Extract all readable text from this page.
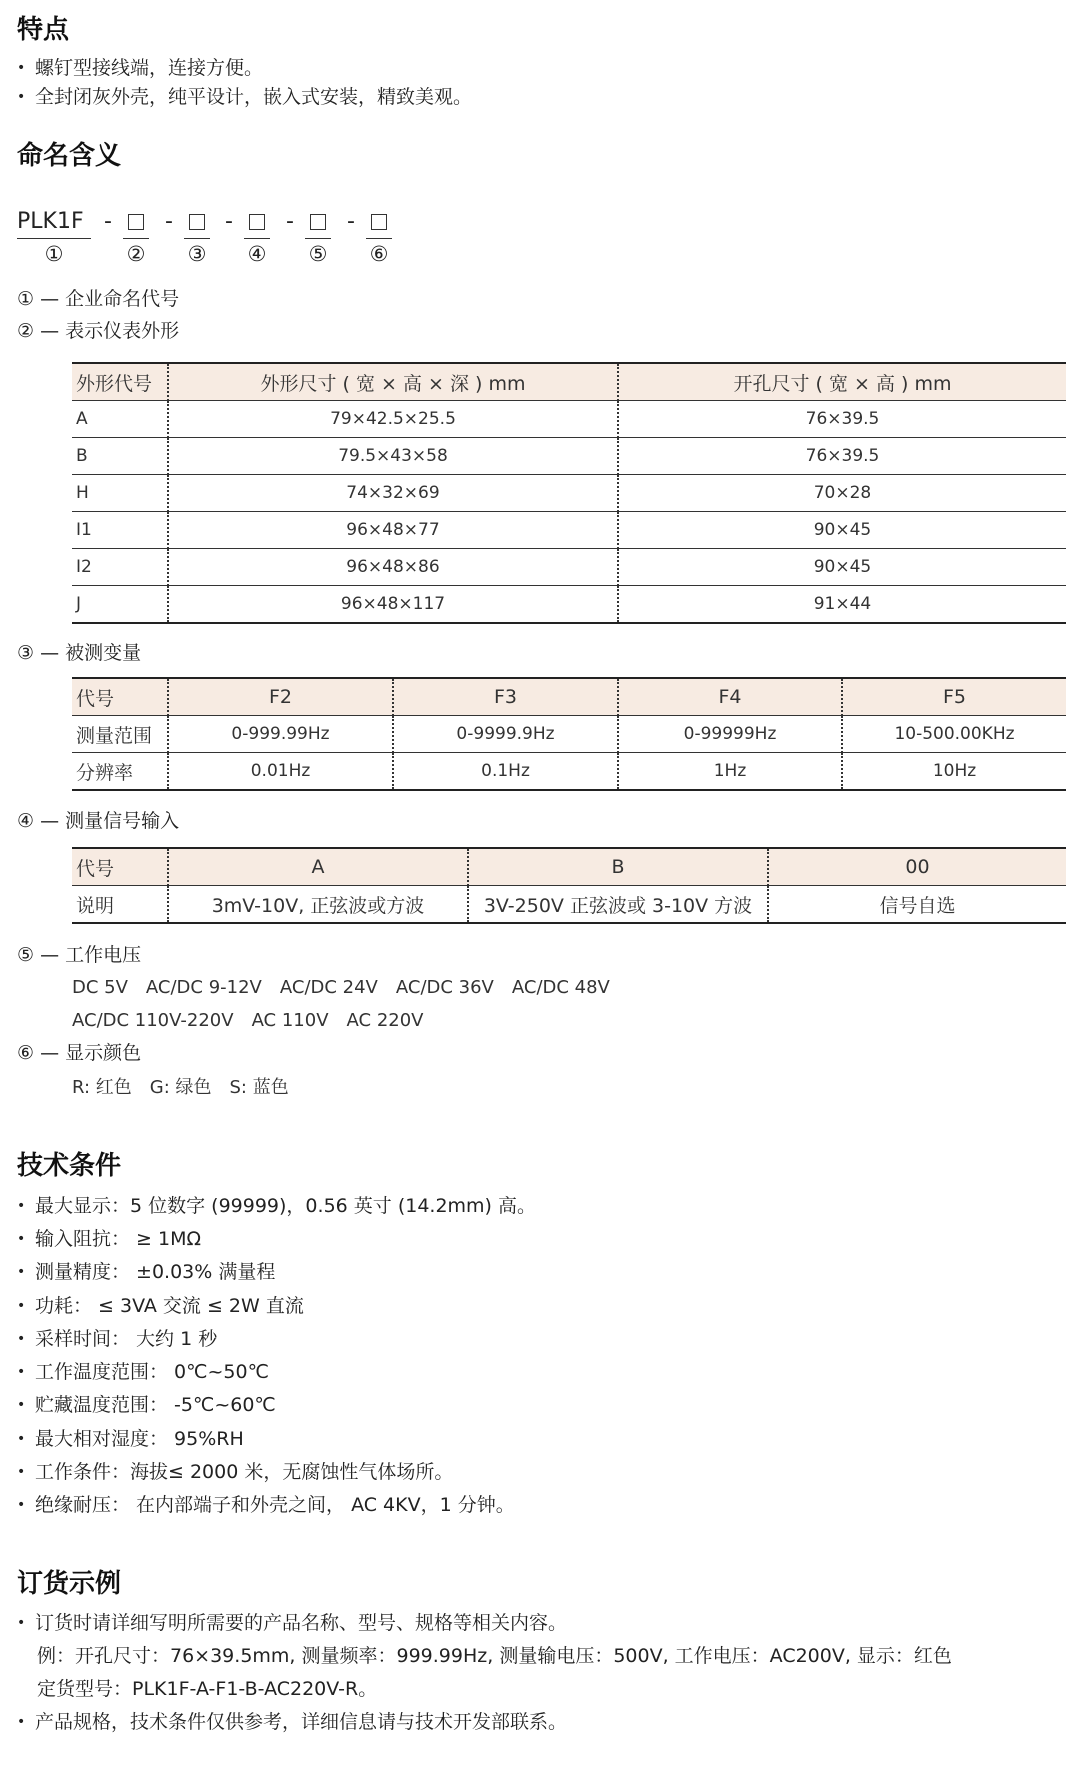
特点
• 螺钉型接线端，连接方便。
• 全封闭灰外壳，纯平设计，嵌入式安装，精致美观。
命名含义
PLK1F
①
-
②
-
③
-
④
-
⑤
-
⑥
① — 企业命名代号
② — 表示仪表外形
外形代号	外形尺寸 ( 宽 × 高 × 深 ) mm	开孔尺寸 ( 宽 × 高 ) mm
A	79×42.5×25.5	76×39.5
B	79.5×43×58	76×39.5
H	74×32×69	70×28
I1	96×48×77	90×45
I2	96×48×86	90×45
J	96×48×117	91×44
③ — 被测变量
代号	F2	F3	F4	F5
测量范围	0-999.99Hz	0-9999.9Hz	0-99999Hz	10-500.00KHz
分辨率	0.01Hz	0.1Hz	1Hz	10Hz
④ — 测量信号输入
代号	A	B	00
说明	3mV-10V, 正弦波或方波	3V-250V 正弦波或 3-10V 方波	信号自选
⑤ — 工作电压
DC 5V AC/DC 9-12V AC/DC 24V AC/DC 36V AC/DC 48V
AC/DC 110V-220V AC 110V AC 220V
⑥ — 显示颜色
R: 红色 G: 绿色 S: 蓝色
技术条件
• 最大显示：5 位数字 (99999)，0.56 英寸 (14.2mm) 高。
• 输入阻抗： ≥ 1MΩ
• 测量精度： ±0.03% 满量程
• 功耗： ≤ 3VA 交流 ≤ 2W 直流
• 采样时间： 大约 1 秒
• 工作温度范围： 0℃~50℃
• 贮藏温度范围： -5℃~60℃
• 最大相对湿度： 95%RH
• 工作条件：海拔≤ 2000 米，无腐蚀性气体场所。
• 绝缘耐压： 在内部端子和外壳之间， AC 4KV，1 分钟。
订货示例
• 订货时请详细写明所需要的产品名称、型号、规格等相关内容。
例：开孔尺寸：76×39.5mm, 测量频率：999.99Hz, 测量输电压：500V, 工作电压：AC200V, 显示：红色
定货型号：PLK1F-A-F1-B-AC220V-R。
• 产品规格，技术条件仅供参考，详细信息请与技术开发部联系。
